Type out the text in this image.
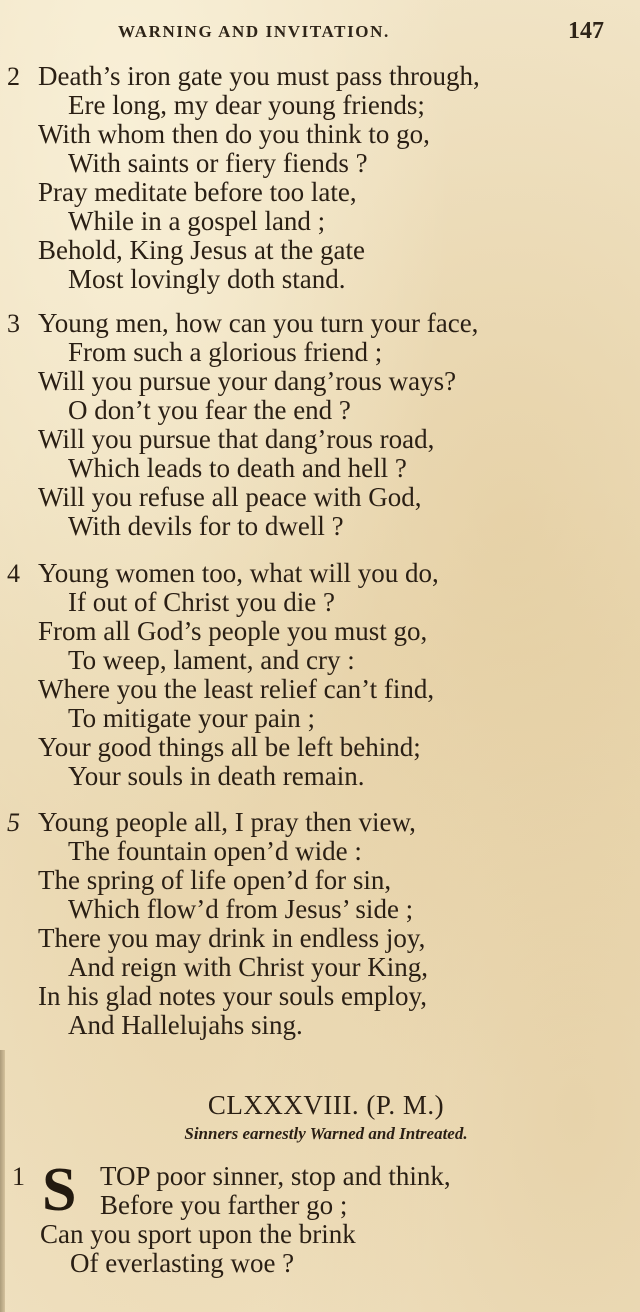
WARNING AND INVITATION.	147
2 Death’s iron gate you must pass through,
Ere long, my dear young friends;
With whom then do you think to go,
With saints or fiery fiends ?
Pray meditate before too late,
While in a gospel land ;
Behold, King Jesus at the gate
Most lovingly doth stand.
3 Young men, how can you turn your face,
From such a glorious friend ;
Will you pursue your dang’rous ways?
O don’t you fear the end ?
Will you pursue that dang’rous road,
Which leads to death and hell ?
Will you refuse all peace with God,
With devils for to dwell ?
4 Young women too, what will you do,
If out of Christ you die ?
From all God’s people you must go,
To weep, lament, and cry :
Where you the least relief can’t find,
To mitigate your pain ;
Your good things all be left behind;
Your souls in death remain.
5 Young people all, I pray then view,
The fountain open’d wide :
The spring of life open’d for sin,
Which flow’d from Jesus’ side ;
There you may drink in endless joy,
And reign with Christ your King,
In his glad notes your souls employ,
And Hallelujahs sing.
CLXXXVIII. (P. M.)
Sinners earnestly Warned and Intreated.
1	TOP poor sinner, stop and think,
Before you farther go ;
Can you sport upon the brink
Of everlasting woe ?
S
